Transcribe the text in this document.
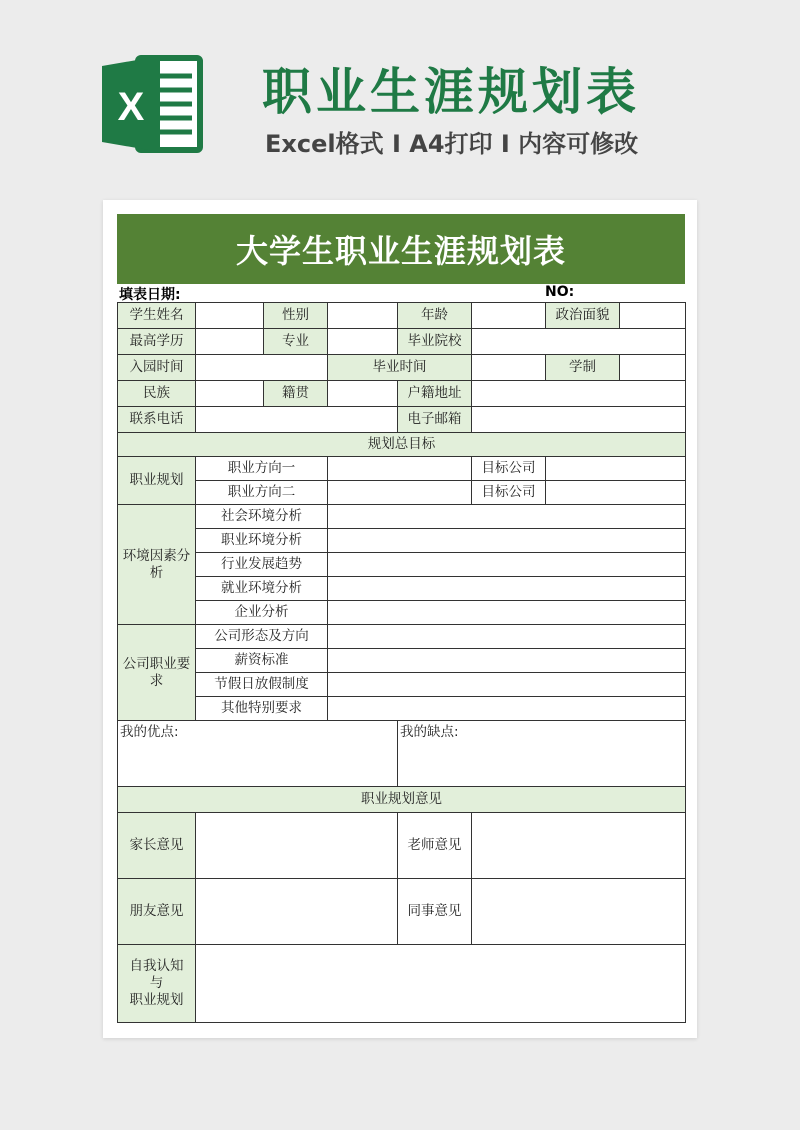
X 职业生涯规划表
Excel格式 I A4打印 I 内容可修改
大学生职业生涯规划表
填表日期:	NO:
学生姓名		性别		年龄		政治面貌	
最高学历		专业		毕业院校			
入园时间			毕业时间			学制	
民族		籍贯		户籍地址			
联系电话				电子邮箱			
规划总目标							
职业规划	职业方向一				目标公司		
	职业方向二				目标公司		
环境因素分析	社会环境分析						
	职业环境分析						
	行业发展趋势						
	就业环境分析						
	企业分析						
公司职业要求	公司形态及方向						
	薪资标准						
	节假日放假制度						
	其他特别要求						
我的优点:				我的缺点:			
职业规划意见							
家长意见				老师意见			
朋友意见				同事意见			

自我认知
与
职业规划							
